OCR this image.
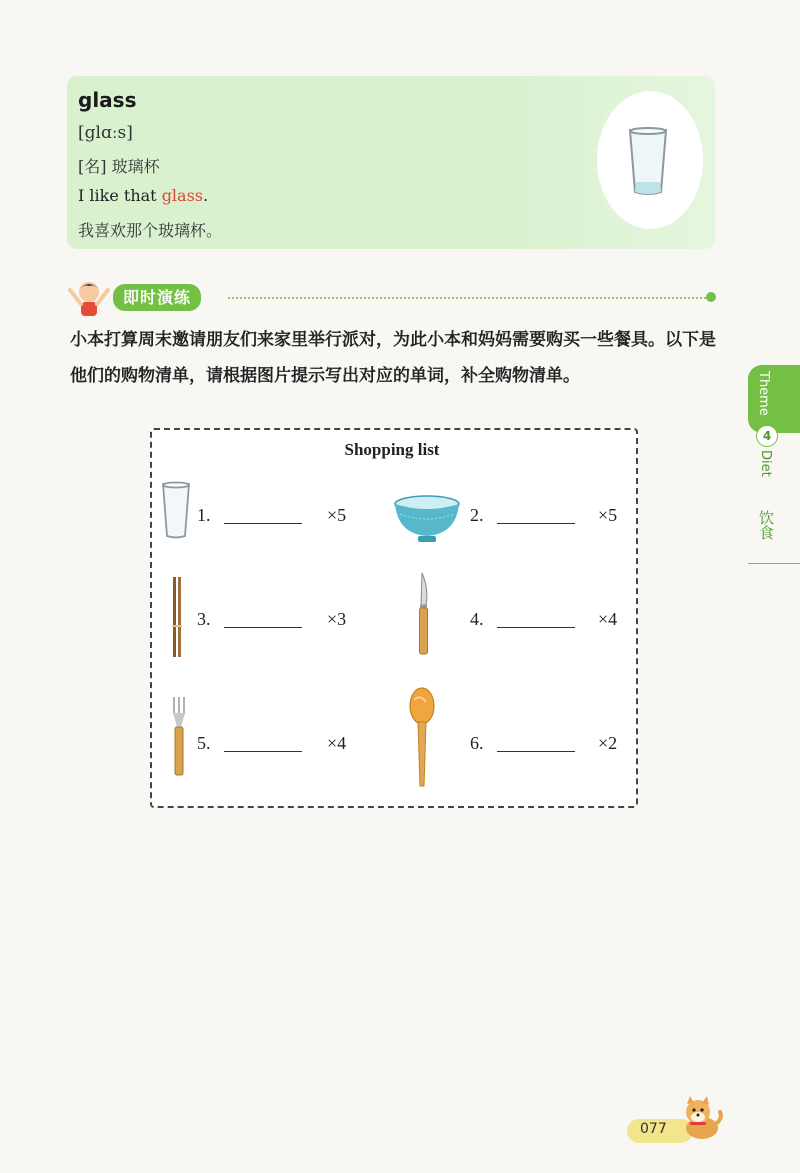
glass
[glɑːs]
[名] 玻璃杯
I like that glass.
我喜欢那个玻璃杯。
即时演练
小本打算周末邀请朋友们来家里举行派对，为此小本和妈妈需要购买一些餐具。以下是他们的购物清单，请根据图片提示写出对应的单词，补全购物清单。	Theme
4
Diet
饮食
Shopping list
1.	×5	2.	×5
3.	×3	4.	×4
5.	×4	6.	×2
077
